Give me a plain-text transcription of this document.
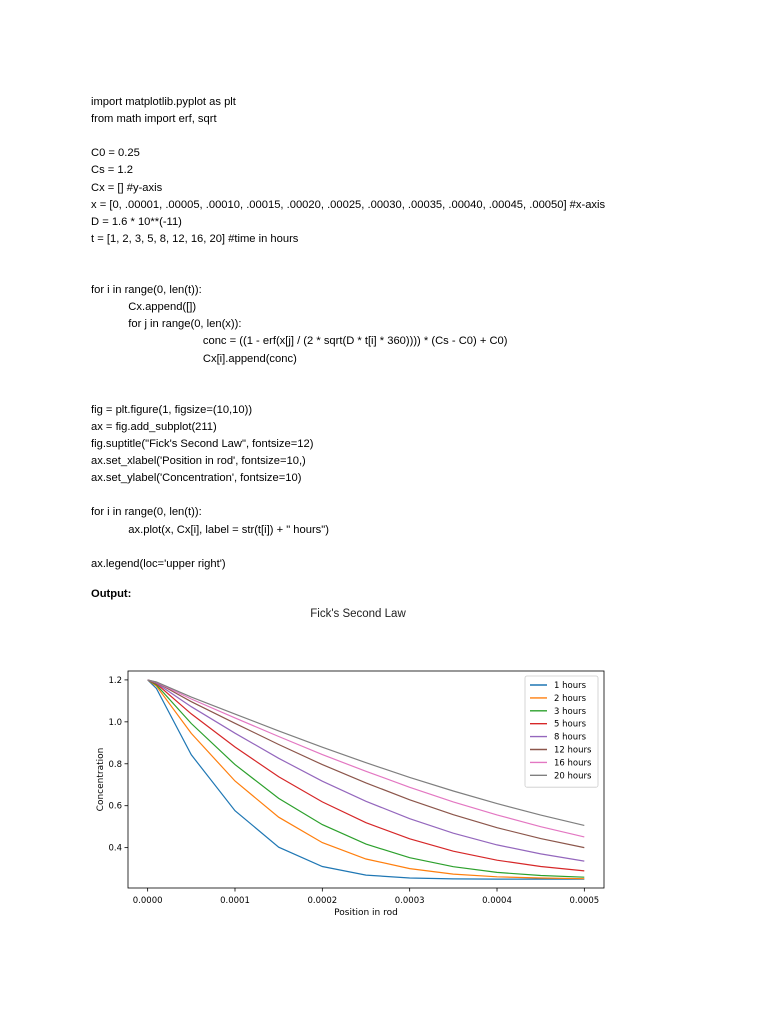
import matplotlib.pyplot as plt
from math import erf, sqrt
C0 = 0.25
Cs = 1.2
Cx = [] #y-axis
x = [0, .00001, .00005, .00010, .00015, .00020, .00025, .00030, .00035, .00040, .00045, .00050] #x-axis
D = 1.6 * 10**(-11)
t = [1, 2, 3, 5, 8, 12, 16, 20] #time in hours
for i in range(0, len(t)):
Cx.append([])
for j in range(0, len(x)):
conc = ((1 - erf(x[j] / (2 * sqrt(D * t[i] * 360)))) * (Cs - C0) + C0)
Cx[i].append(conc)
fig = plt.figure(1, figsize=(10,10))
ax = fig.add_subplot(211)
fig.suptitle("Fick's Second Law", fontsize=12)
ax.set_xlabel('Position in rod', fontsize=10,)
ax.set_ylabel('Concentration', fontsize=10)
for i in range(0, len(t)):
ax.plot(x, Cx[i], label = str(t[i]) + " hours")
ax.legend(loc='upper right')
Output:
Fick's Second Law
0.0000	0.0001	0.0002	0.0003	0.0004	0.0005
0.4
0.6
0.8
1.0
1.2
Position in rod
Concentration
1 hours
2 hours
3 hours
5 hours
8 hours
12 hours
16 hours
20 hours
